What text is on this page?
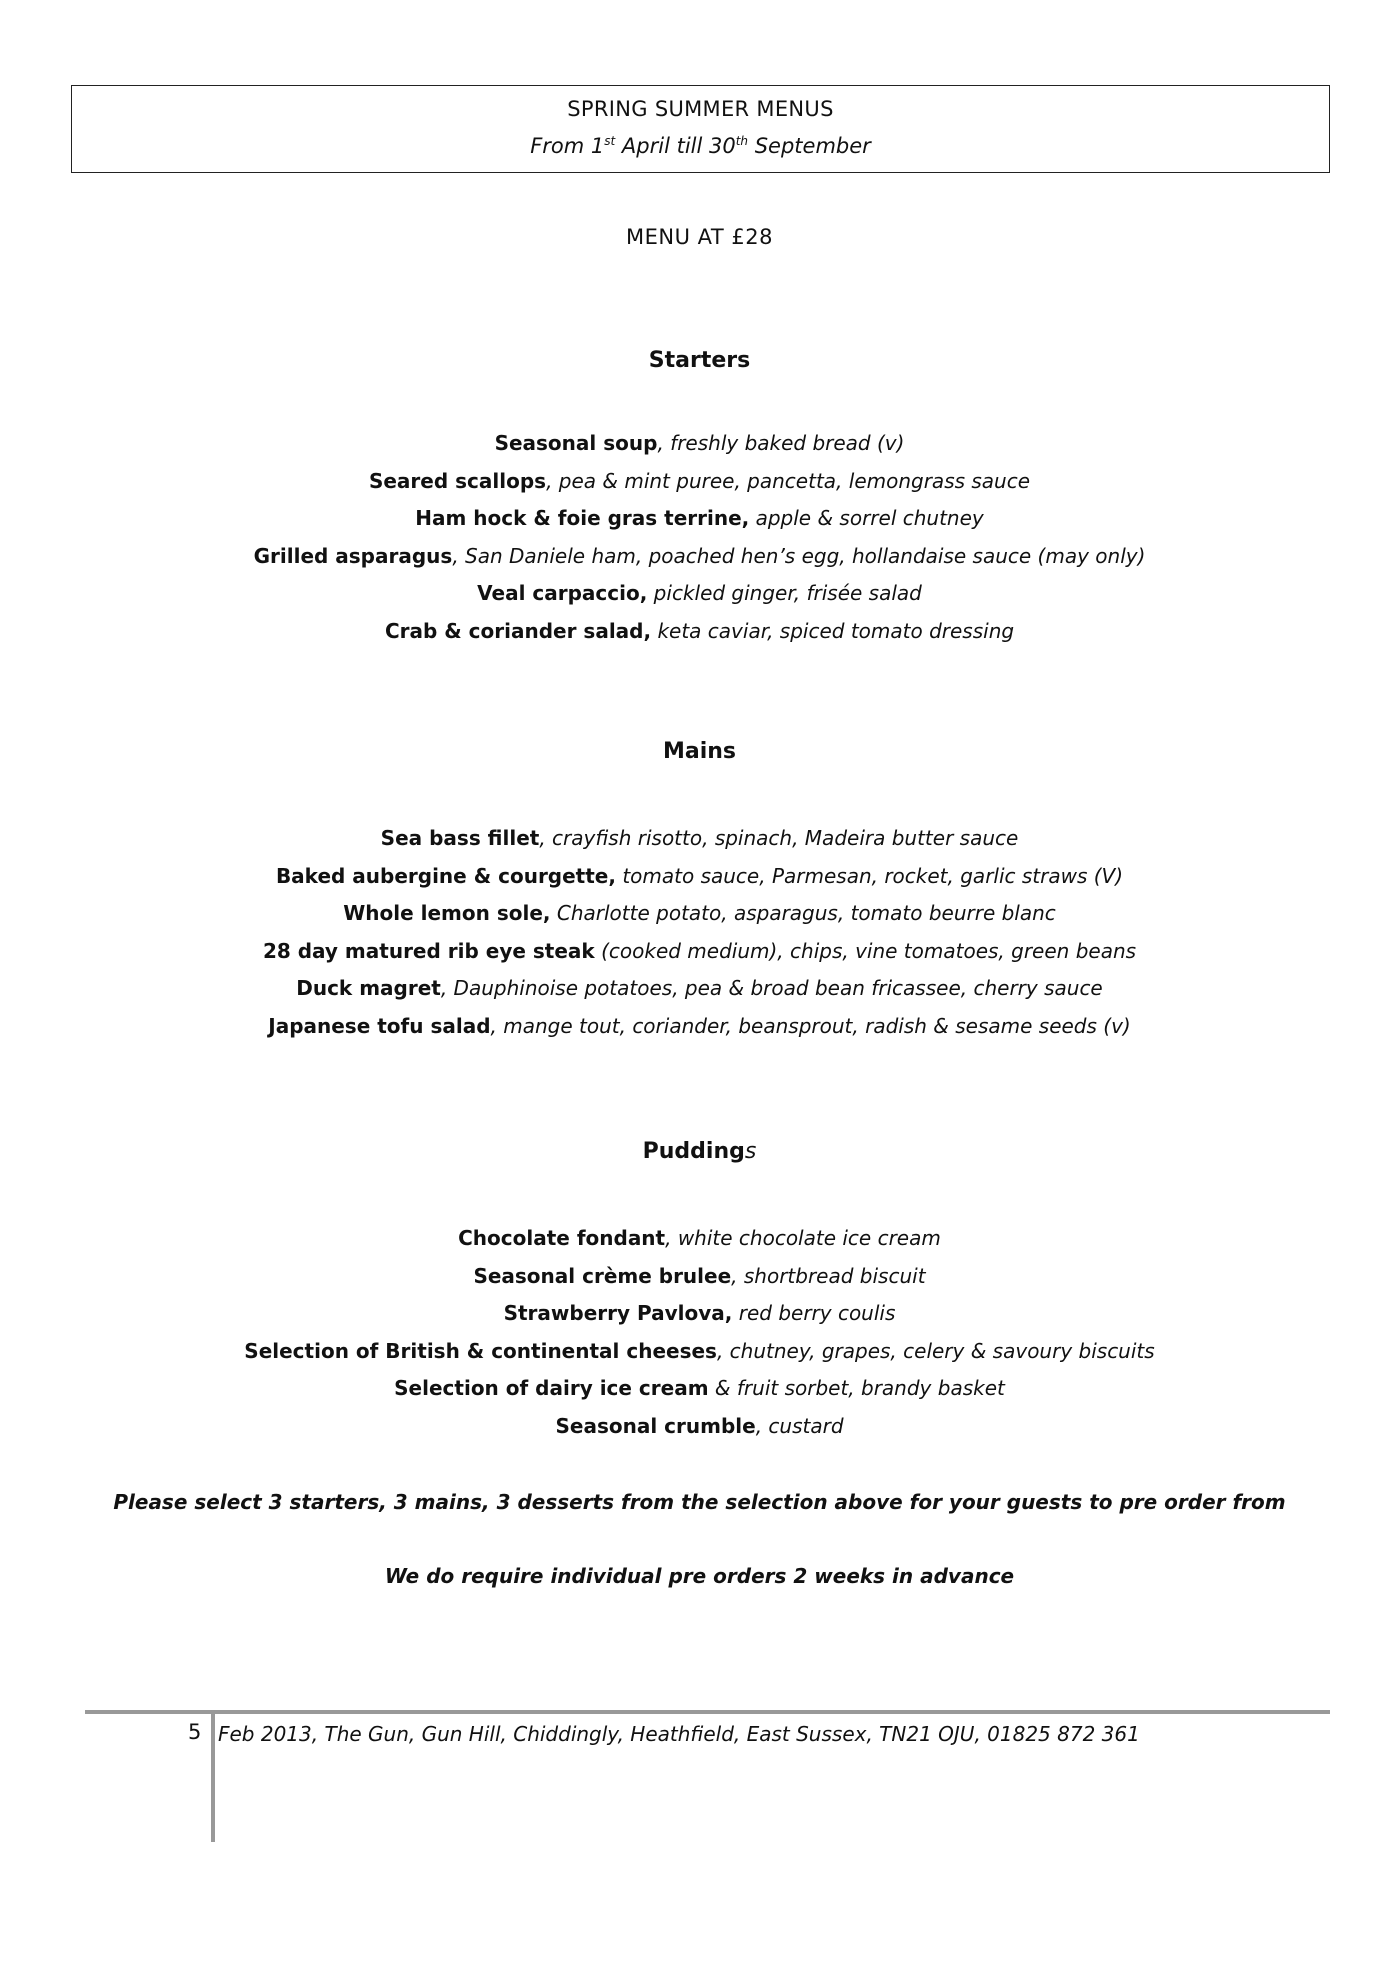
SPRING SUMMER MENUS
From 1st April till 30th September
MENU AT £28
Starters
Seasonal soup, freshly baked bread (v)
Seared scallops, pea & mint puree, pancetta, lemongrass sauce
Ham hock & foie gras terrine, apple & sorrel chutney
Grilled asparagus, San Daniele ham, poached hen’s egg, hollandaise sauce (may only)
Veal carpaccio, pickled ginger, frisée salad
Crab & coriander salad, keta caviar, spiced tomato dressing
Mains
Sea bass fillet, crayfish risotto, spinach, Madeira butter sauce
Baked aubergine & courgette, tomato sauce, Parmesan, rocket, garlic straws (V)
Whole lemon sole, Charlotte potato, asparagus, tomato beurre blanc
28 day matured rib eye steak (cooked medium), chips, vine tomatoes, green beans
Duck magret, Dauphinoise potatoes, pea & broad bean fricassee, cherry sauce
Japanese tofu salad, mange tout, coriander, beansprout, radish & sesame seeds (v)
Puddings
Chocolate fondant, white chocolate ice cream
Seasonal crème brulee, shortbread biscuit
Strawberry Pavlova, red berry coulis
Selection of British & continental cheeses, chutney, grapes, celery & savoury biscuits
Selection of dairy ice cream & fruit sorbet, brandy basket
Seasonal crumble, custard
Please select 3 starters, 3 mains, 3 desserts from the selection above for your guests to pre order from
We do require individual pre orders 2 weeks in advance
5 Feb 2013, The Gun, Gun Hill, Chiddingly, Heathfield, East Sussex, TN21 OJU, 01825 872 361
